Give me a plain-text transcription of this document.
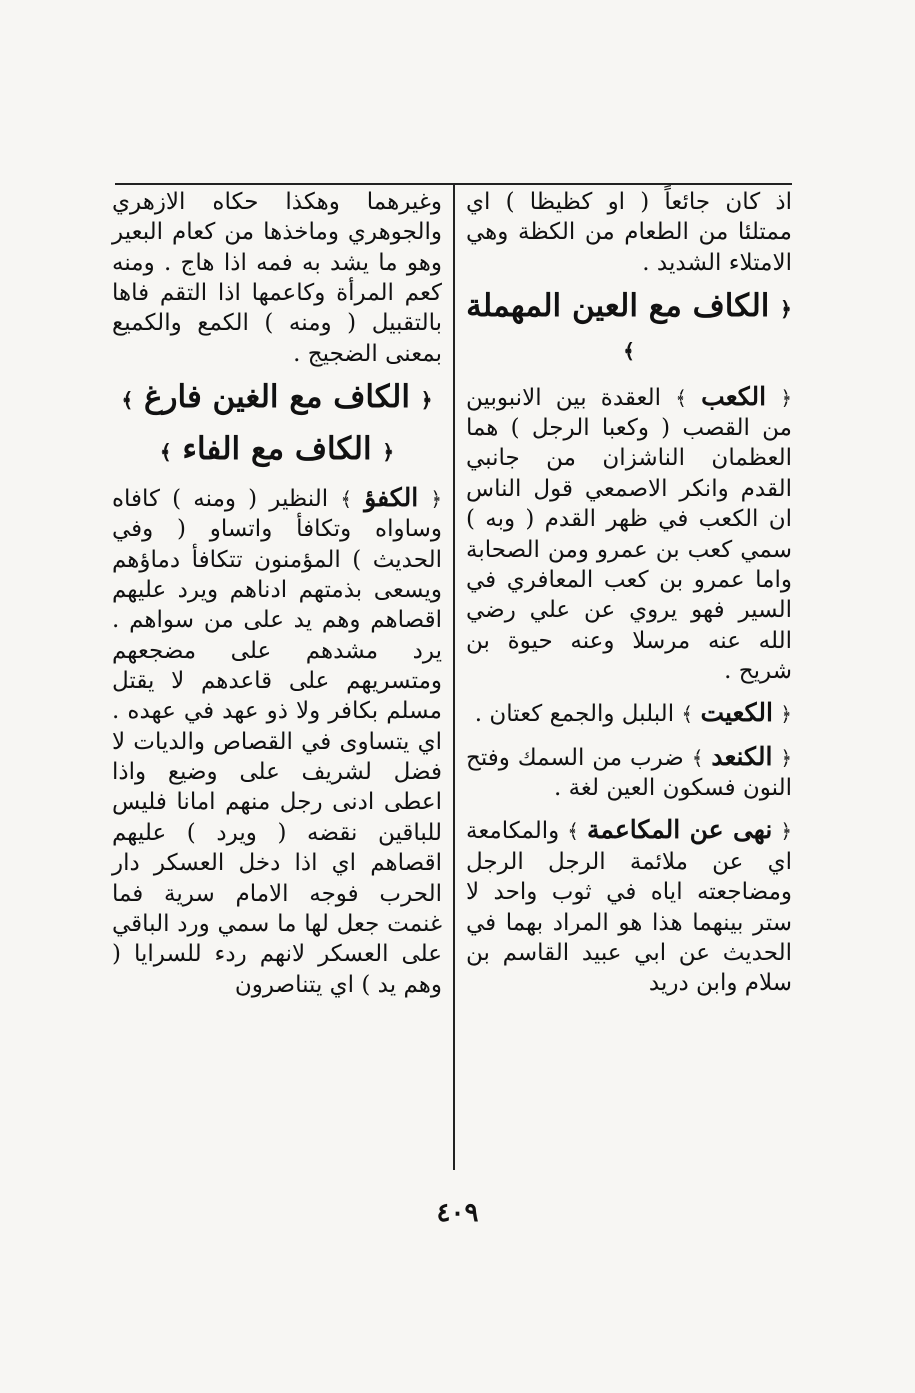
اذ كان جائعاً ( او كظيظا ) اي ممتلئا من الطعام من الكظة وهي الامتلاء الشديد .
﴿ الكاف مع العين المهملة ﴾
﴿ الكعب ﴾ العقدة بين الانبوبين من القصب ( وكعبا الرجل ) هما العظمان الناشزان من جانبي القدم وانكر الاصمعي قول الناس ان الكعب في ظهر القدم ( وبه ) سمي كعب بن عمرو ومن الصحابة واما عمرو بن كعب المعافري في السير فهو يروي عن علي رضي الله عنه مرسلا وعنه حيوة بن شريح .
﴿ الكعيت ﴾ البلبل والجمع كعتان .
﴿ الكنعد ﴾ ضرب من السمك وفتح النون فسكون العين لغة .
﴿ نهى عن المكاعمة ﴾ والمكامعة اي عن ملائمة الرجل الرجل ومضاجعته اياه في ثوب واحد لا ستر بينهما هذا هو المراد بهما في الحديث عن ابي عبيد القاسم بن سلام وابن دريد
وغيرهما وهكذا حكاه الازهري والجوهري وماخذها من كعام البعير وهو ما يشد به فمه اذا هاج . ومنه كعم المرأة وكاعمها اذا التقم فاها بالتقبيل ( ومنه ) الكمع والكميع بمعنى الضجيج .
﴿ الكاف مع الغين فارغ ﴾
﴿ الكاف مع الفاء ﴾
﴿ الكفؤ ﴾ النظير ( ومنه ) كافاه وساواه وتكافأ واتساو ( وفي الحديث ) المؤمنون تتكافأ دماؤهم ويسعى بذمتهم ادناهم ويرد عليهم اقصاهم وهم يد على من سواهم . يرد مشدهم على مضجعهم ومتسريهم على قاعدهم لا يقتل مسلم بكافر ولا ذو عهد في عهده . اي يتساوى في القصاص والديات لا فضل لشريف على وضيع واذا اعطى ادنى رجل منهم امانا فليس للباقين نقضه ( ويرد ) عليهم اقصاهم اي اذا دخل العسكر دار الحرب فوجه الامام سرية فما غنمت جعل لها ما سمي ورد الباقي على العسكر لانهم ردء للسرايا ( وهم يد ) اي يتناصرون
٤٠٩
